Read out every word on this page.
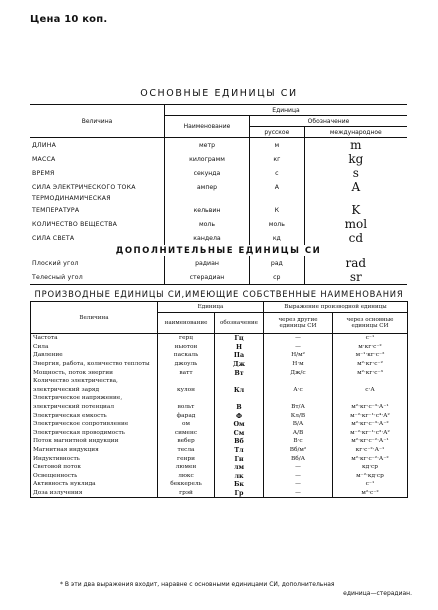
Цена 10 коп.
ОСНОВНЫЕ ЕДИНИЦЫ СИ
Величина	Единица		
	Наименование	Обозначение	
		русское	международное
ДЛИНА	метр	м	m
МАССА	килограмм	кг	kg
ВРЕМЯ	секунда	с	s
СИЛА ЭЛЕКТРИЧЕСКОГО ТОКА	ампер	А	A
ТЕРМОДИНАМИЧЕСКАЯ			
ТЕМПЕРАТУРА	кельвин	К	K
КОЛИЧЕСТВО ВЕЩЕСТВА	моль	моль	mol
СИЛА СВЕТА	кандела	кд	cd
ДОПОЛНИТЕЛЬНЫЕ ЕДИНИЦЫ СИ			
Плоский угол	радиан	рад	rad
Телесный угол	стерадиан	ср	sr
ПРОИЗВОДНЫЕ ЕДИНИЦЫ СИ,ИМЕЮЩИЕ СОБСТВЕННЫЕ НАИМЕНОВАНИЯ
Величина	Единица		Выражение производной единицы	
	наименование	обозначение	через другие единицы СИ	через основные единицы СИ
Частота	герц	Гц	—	с⁻¹
Сила	ньютон	Н	—	м·кг·с⁻²
Давление	паскаль	Па	Н/м²	м⁻¹·кг·с⁻²
Энергия, работа, количество теплоты	джоуль	Дж	Н·м	м²·кг·с⁻²
Мощность, поток энергии	ватт	Вт	Дж/с	м²·кг·с⁻³
Количество электричества,				
электрический заряд	кулон	Кл	А·с	с·А
Электрическое напряжение,				
электрический потенциал	вольт	В	Вт/А	м²·кг·с⁻³·А⁻¹
Электрическая емкость	фарад	Ф	Кл/В	м⁻²·кг⁻¹·с⁴·А²
Электрическое сопротивление	ом	Ом	В/А	м²·кг·с⁻³·А⁻²
Электрическая проводимость	сименс	См	А/В	м⁻²·кг⁻¹·с³·А²
Поток магнитной индукции	вебер	Вб	В·с	м²·кг·с⁻²·А⁻¹
Магнитная индукция	тесла	Тл	Вб/м²	кг·с⁻²·А⁻¹
Индуктивность	генри	Гн	Вб/А	м²·кг·с⁻²·А⁻²
Световой поток	люмен	лм	—	кд·ср
Освещенность	люкс	лк	—	м⁻²·кд·ср
Активность нуклида	беккерель	Бк	—	с⁻¹
Доза излучения	грэй	Гр	—	м²·с⁻²
* В эти два выражения входит, наравне с основными единицами СИ, дополнительная
единица—стерадиан.
